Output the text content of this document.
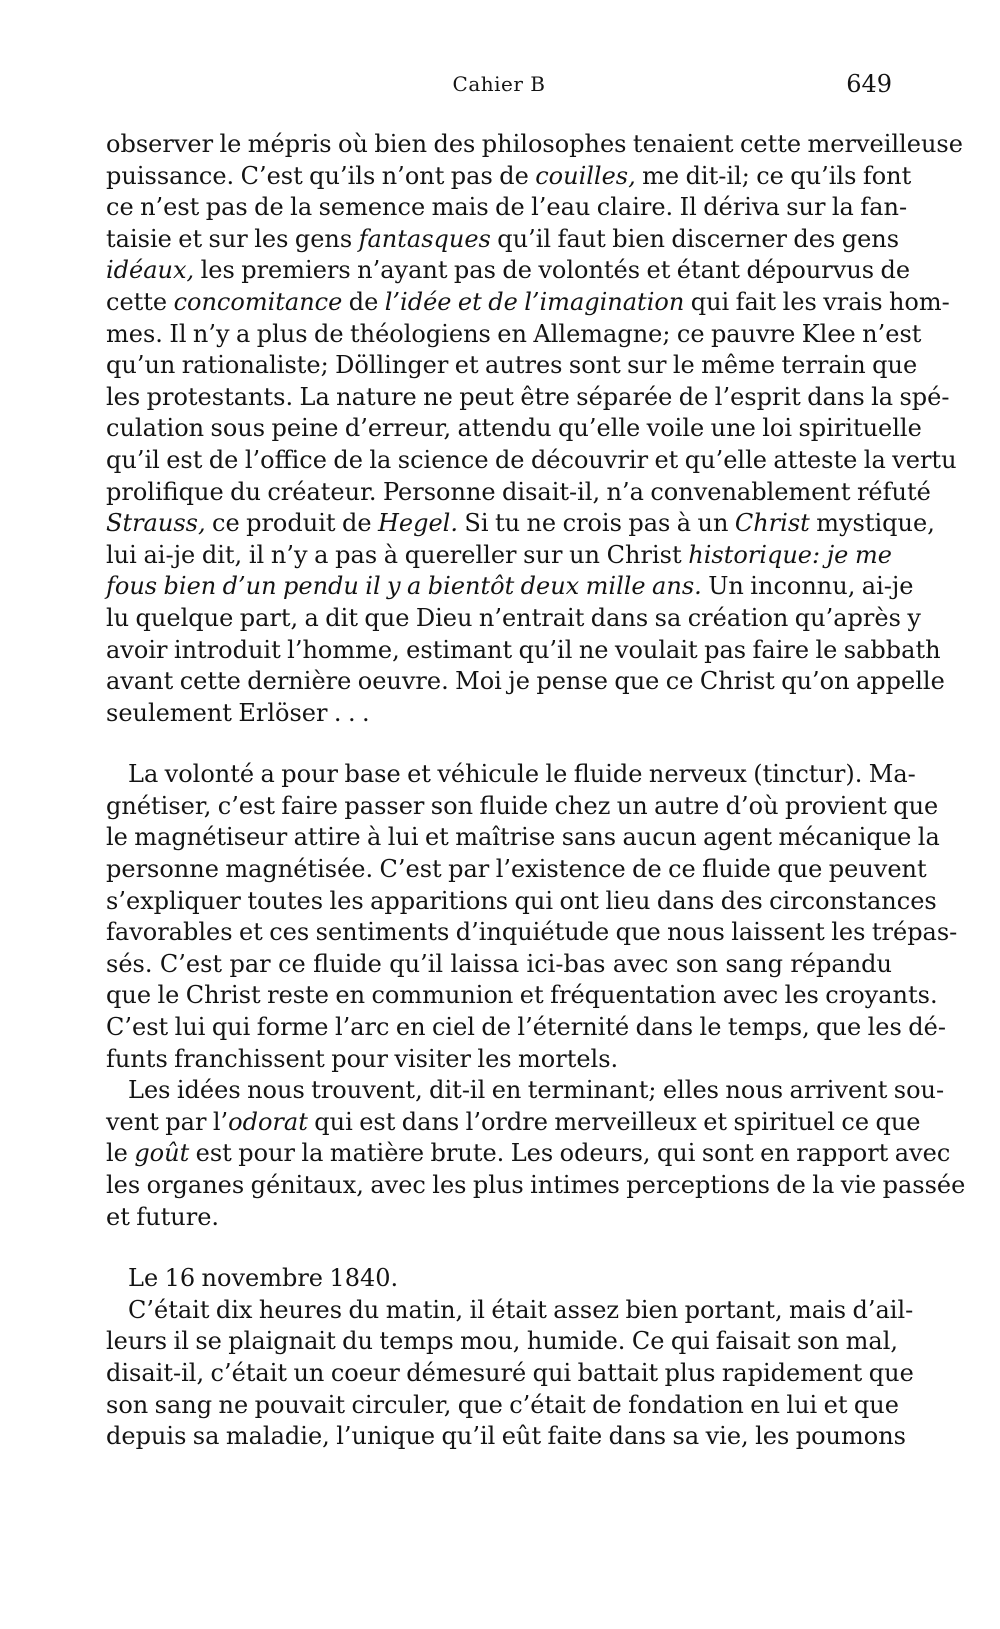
Cahier B	649
observer le mépris où bien des philosophes tenaient cette merveilleuse
puissance. C’est qu’ils n’ont pas de couilles, me dit-il; ce qu’ils font
ce n’est pas de la semence mais de l’eau claire. Il dériva sur la fan-
taisie et sur les gens fantasques qu’il faut bien discerner des gens
idéaux, les premiers n’ayant pas de volontés et étant dépourvus de
cette concomitance de l’idée et de l’imagination qui fait les vrais hom-
mes. Il n’y a plus de théologiens en Allemagne; ce pauvre Klee n’est
qu’un rationaliste; Döllinger et autres sont sur le même terrain que
les protestants. La nature ne peut être séparée de l’esprit dans la spé-
culation sous peine d’erreur, attendu qu’elle voile une loi spirituelle
qu’il est de l’office de la science de découvrir et qu’elle atteste la vertu
prolifique du créateur. Personne disait-il, n’a convenablement réfuté
Strauss, ce produit de Hegel. Si tu ne crois pas à un Christ mystique,
lui ai-je dit, il n’y a pas à quereller sur un Christ historique: je me
fous bien d’un pendu il y a bientôt deux mille ans. Un inconnu, ai-je
lu quelque part, a dit que Dieu n’entrait dans sa création qu’après y
avoir introduit l’homme, estimant qu’il ne voulait pas faire le sabbath
avant cette dernière oeuvre. Moi je pense que ce Christ qu’on appelle
seulement Erlöser . . .
La volonté a pour base et véhicule le fluide nerveux (tinctur). Ma-
gnétiser, c’est faire passer son fluide chez un autre d’où provient que
le magnétiseur attire à lui et maîtrise sans aucun agent mécanique la
personne magnétisée. C’est par l’existence de ce fluide que peuvent
s’expliquer toutes les apparitions qui ont lieu dans des circonstances
favorables et ces sentiments d’inquiétude que nous laissent les trépas-
sés. C’est par ce fluide qu’il laissa ici-bas avec son sang répandu
que le Christ reste en communion et fréquentation avec les croyants.
C’est lui qui forme l’arc en ciel de l’éternité dans le temps, que les dé-
funts franchissent pour visiter les mortels.
Les idées nous trouvent, dit-il en terminant; elles nous arrivent sou-
vent par l’odorat qui est dans l’ordre merveilleux et spirituel ce que
le goût est pour la matière brute. Les odeurs, qui sont en rapport avec
les organes génitaux, avec les plus intimes perceptions de la vie passée
et future.
Le 16 novembre 1840.
C’était dix heures du matin, il était assez bien portant, mais d’ail-
leurs il se plaignait du temps mou, humide. Ce qui faisait son mal,
disait-il, c’était un coeur démesuré qui battait plus rapidement que
son sang ne pouvait circuler, que c’était de fondation en lui et que
depuis sa maladie, l’unique qu’il eût faite dans sa vie, les poumons
